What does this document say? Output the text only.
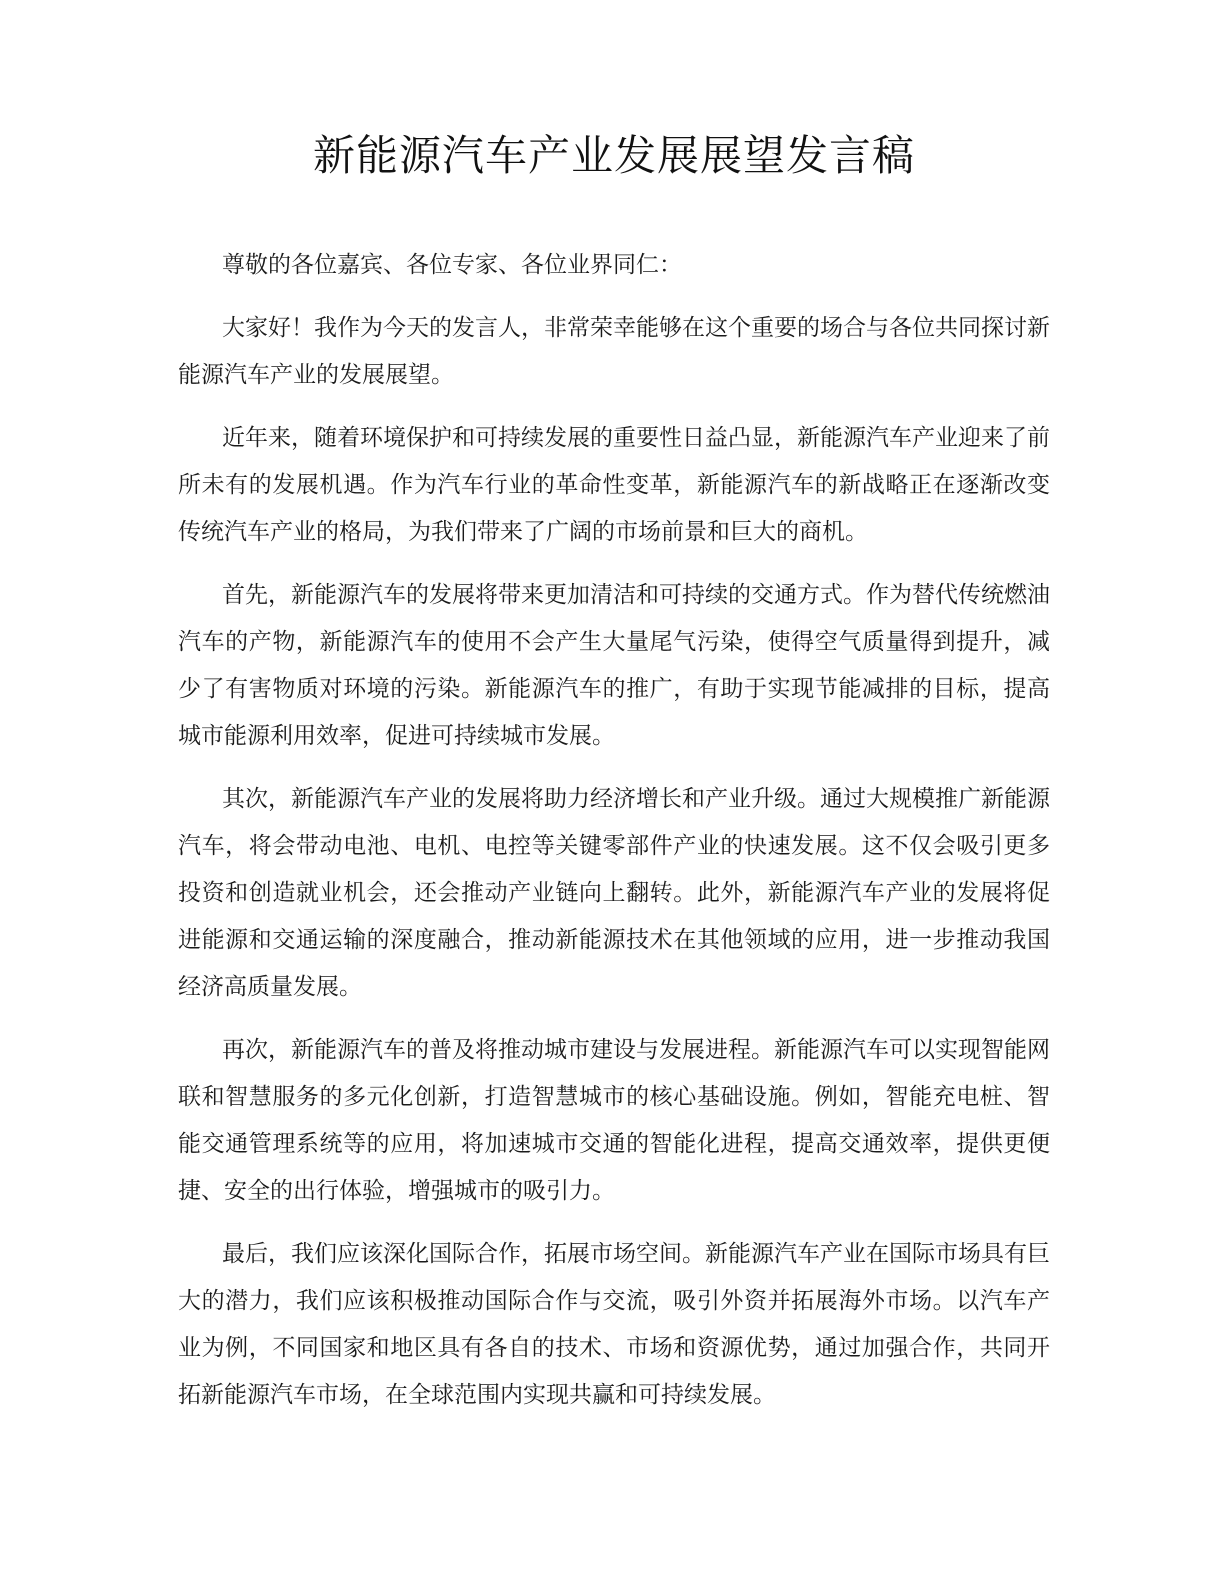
新能源汽车产业发展展望发言稿

尊敬的各位嘉宾、各位专家、各位业界同仁：

大家好！我作为今天的发言人，非常荣幸能够在这个重要的场合与各位共同探讨新能源汽车产业的发展展望。

近年来，随着环境保护和可持续发展的重要性日益凸显，新能源汽车产业迎来了前所未有的发展机遇。作为汽车行业的革命性变革，新能源汽车的新战略正在逐渐改变传统汽车产业的格局，为我们带来了广阔的市场前景和巨大的商机。

首先，新能源汽车的发展将带来更加清洁和可持续的交通方式。作为替代传统燃油汽车的产物，新能源汽车的使用不会产生大量尾气污染，使得空气质量得到提升，减少了有害物质对环境的污染。新能源汽车的推广，有助于实现节能减排的目标，提高城市能源利用效率，促进可持续城市发展。

其次，新能源汽车产业的发展将助力经济增长和产业升级。通过大规模推广新能源汽车，将会带动电池、电机、电控等关键零部件产业的快速发展。这不仅会吸引更多投资和创造就业机会，还会推动产业链向上翻转。此外，新能源汽车产业的发展将促进能源和交通运输的深度融合，推动新能源技术在其他领域的应用，进一步推动我国经济高质量发展。

再次，新能源汽车的普及将推动城市建设与发展进程。新能源汽车可以实现智能网联和智慧服务的多元化创新，打造智慧城市的核心基础设施。例如，智能充电桩、智能交通管理系统等的应用，将加速城市交通的智能化进程，提高交通效率，提供更便捷、安全的出行体验，增强城市的吸引力。

最后，我们应该深化国际合作，拓展市场空间。新能源汽车产业在国际市场具有巨大的潜力，我们应该积极推动国际合作与交流，吸引外资并拓展海外市场。以汽车产业为例，不同国家和地区具有各自的技术、市场和资源优势，通过加强合作，共同开拓新能源汽车市场，在全球范围内实现共赢和可持续发展。
